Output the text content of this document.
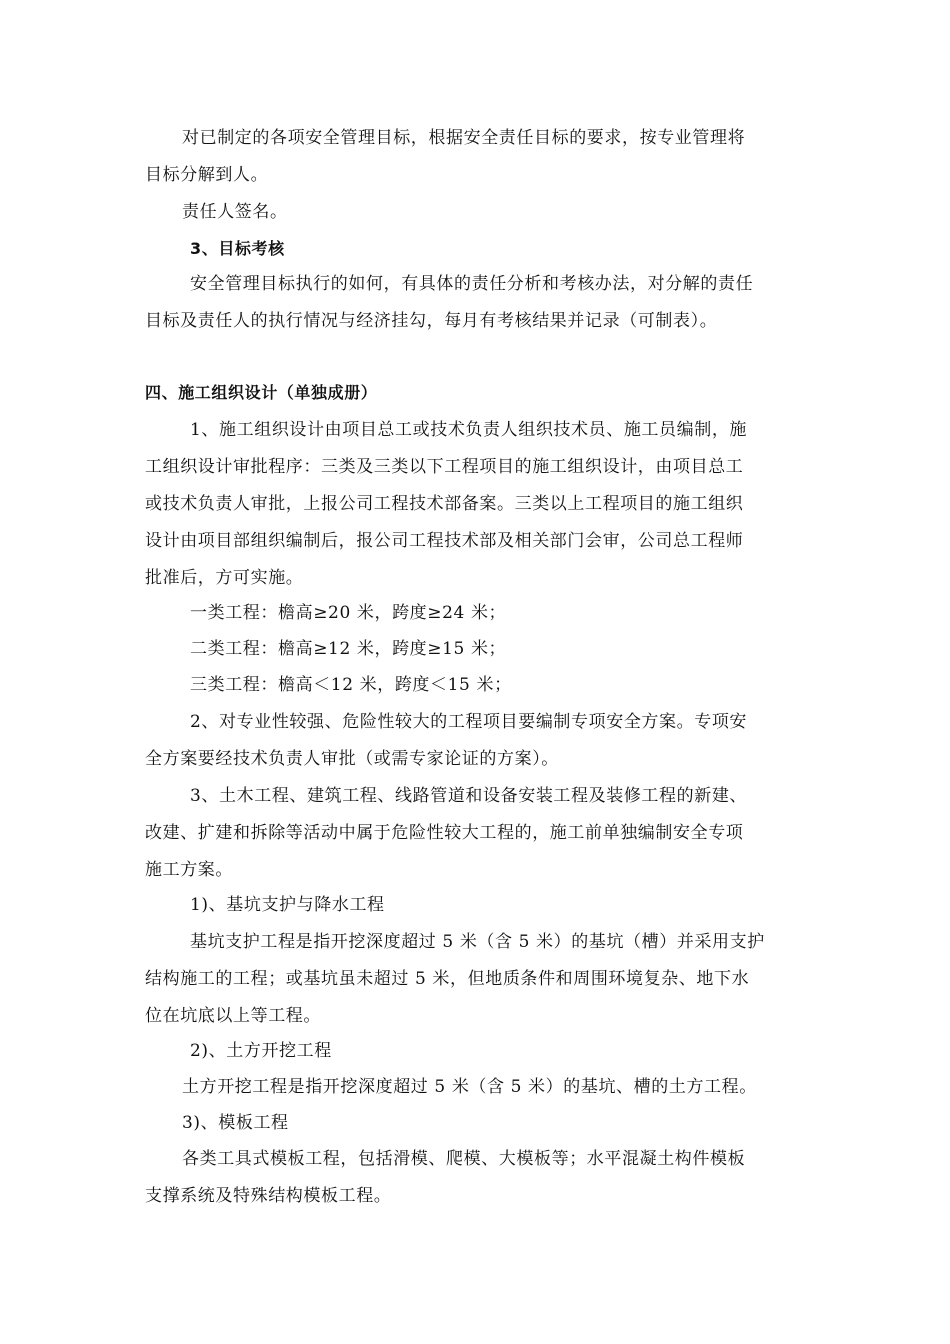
对已制定的各项安全管理目标，根据安全责任目标的要求，按专业管理将
目标分解到人。
责任人签名。
3、目标考核
安全管理目标执行的如何，有具体的责任分析和考核办法，对分解的责任
目标及责任人的执行情况与经济挂勾，每月有考核结果并记录（可制表）。
四、施工组织设计（单独成册）
1、施工组织设计由项目总工或技术负责人组织技术员、施工员编制，施
工组织设计审批程序：三类及三类以下工程项目的施工组织设计，由项目总工
或技术负责人审批，上报公司工程技术部备案。三类以上工程项目的施工组织
设计由项目部组织编制后，报公司工程技术部及相关部门会审，公司总工程师
批准后，方可实施。
一类工程：檐高≥20 米，跨度≥24 米；
二类工程：檐高≥12 米，跨度≥15 米；
三类工程：檐高＜12 米，跨度＜15 米；
2、对专业性较强、危险性较大的工程项目要编制专项安全方案。专项安
全方案要经技术负责人审批（或需专家论证的方案）。
3、土木工程、建筑工程、线路管道和设备安装工程及装修工程的新建、
改建、扩建和拆除等活动中属于危险性较大工程的，施工前单独编制安全专项
施工方案。
1)、基坑支护与降水工程
基坑支护工程是指开挖深度超过 5 米（含 5 米）的基坑（槽）并采用支护
结构施工的工程；或基坑虽未超过 5 米，但地质条件和周围环境复杂、地下水
位在坑底以上等工程。
2)、土方开挖工程
土方开挖工程是指开挖深度超过 5 米（含 5 米）的基坑、槽的土方工程。
3)、模板工程
各类工具式模板工程，包括滑模、爬模、大模板等；水平混凝土构件模板
支撑系统及特殊结构模板工程。
